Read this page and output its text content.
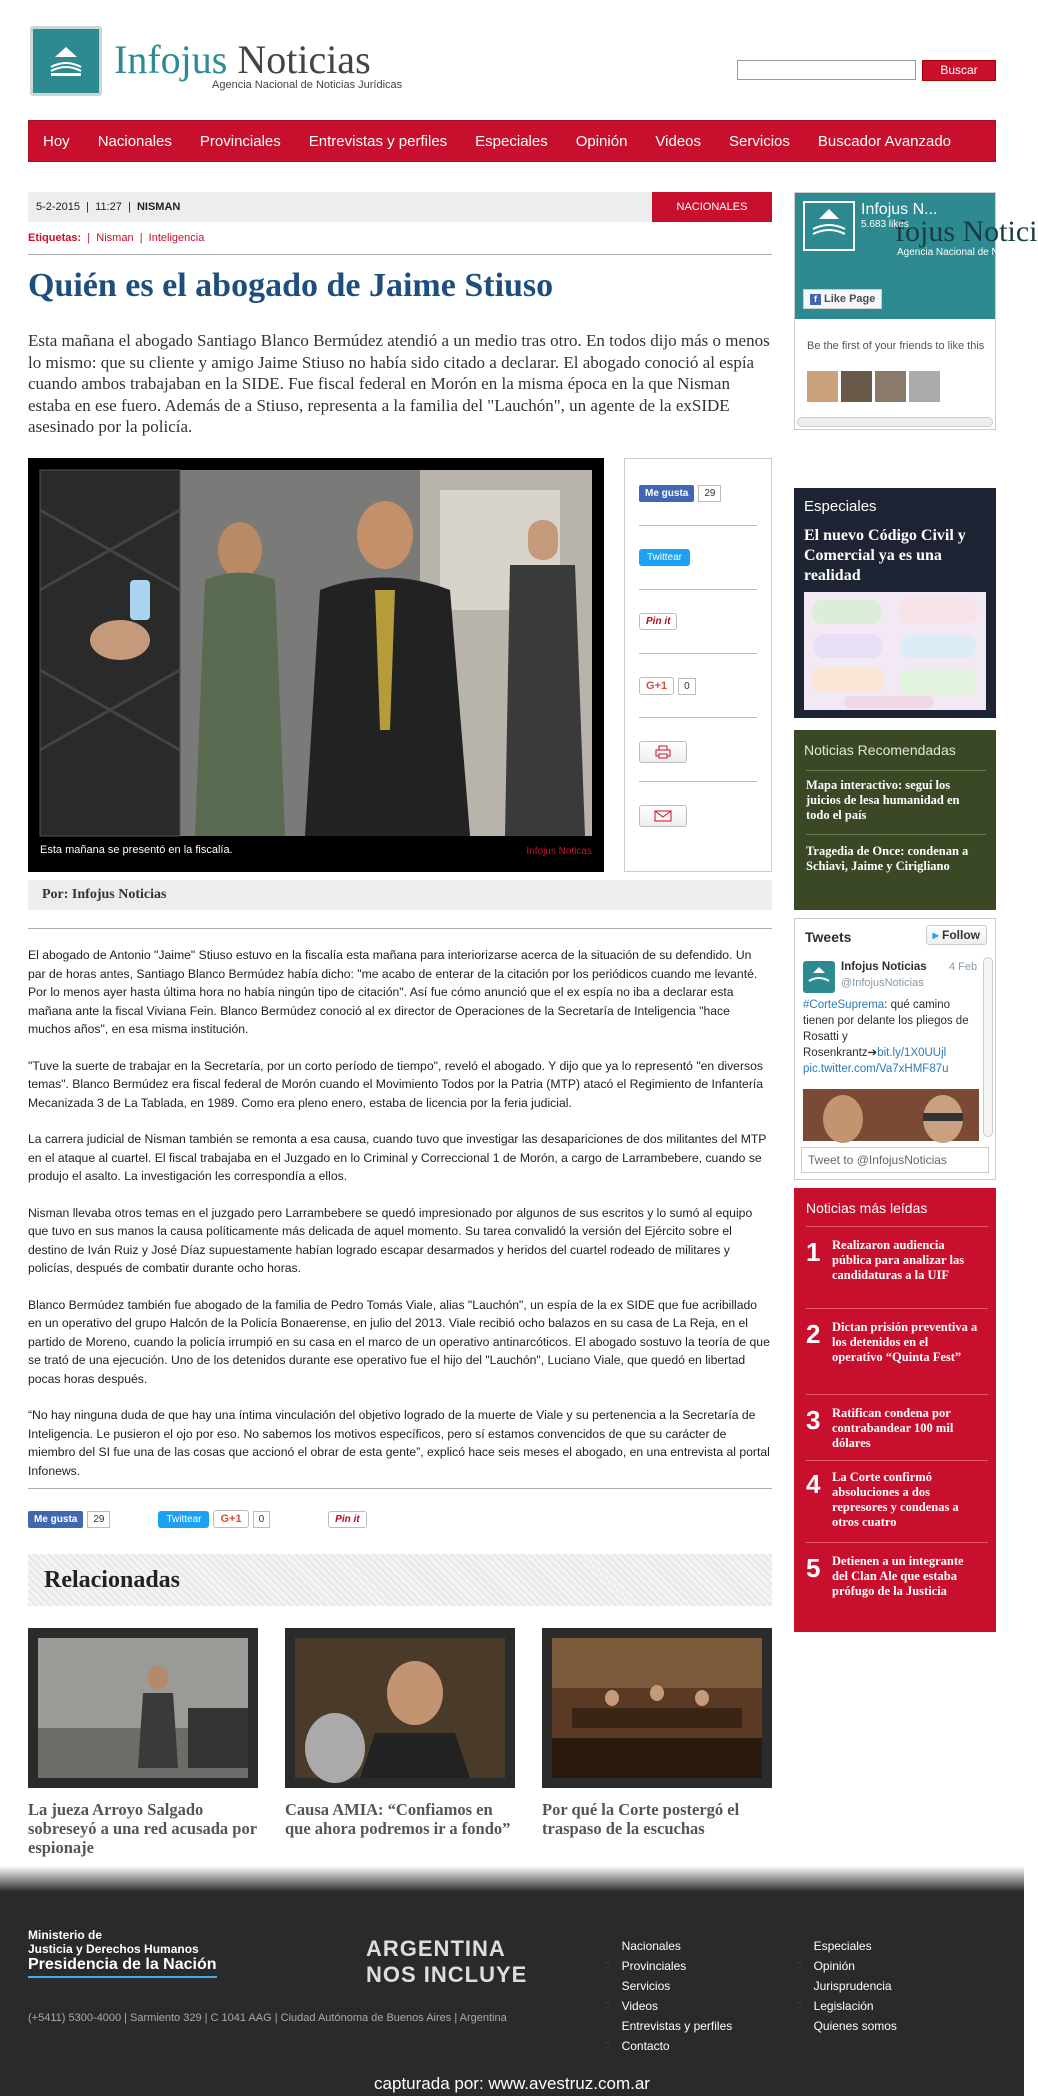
Infojus Noticias
Agencia Nacional de Noticias Jurídicas
Buscar
Hoy	Nacionales	Provinciales	Entrevistas y perfiles	Especiales	Opinión	Videos	Servicios	Buscador Avanzado
5-2-2015  |  11:27  |  NISMAN	NACIONALES
Etiquetas:  |  Nisman  |  Inteligencia
Quién es el abogado de Jaime Stiuso

Esta mañana el abogado Santiago Blanco Bermúdez atendió a un medio tras otro. En todos dijo más o menos lo mismo: que su cliente y amigo Jaime Stiuso no había sido citado a declarar. El abogado conoció al espía cuando ambos trabajaban en la SIDE. Fue fiscal federal en Morón en la misma época en la que Nisman estaba en ese fuero. Además de a Stiuso, representa a la familia del "Lauchón", un agente de la exSIDE asesinado por la policía.

Esta mañana se presentó en la fiscalía.	Infojus Noticas
Me gusta	29
Twittear
Pin it
G+1	0
Por: Infojus Noticias

El abogado de Antonio "Jaime" Stiuso estuvo en la fiscalía esta mañana para interiorizarse acerca de la situación de su defendido. Un par de horas antes, Santiago Blanco Bermúdez había dicho: "me acabo de enterar de la citación por los periódicos cuando me levanté. Por lo menos ayer hasta última hora no había ningún tipo de citación". Así fue cómo anunció que el ex espía no iba a declarar esta mañana ante la fiscal Viviana Fein. Blanco Bermúdez conoció al ex director de Operaciones de la Secretaría de Inteligencia "hace muchos años", en esa misma institución.

"Tuve la suerte de trabajar en la Secretaría, por un corto período de tiempo", reveló el abogado. Y dijo que ya lo representó "en diversos temas". Blanco Bermúdez era fiscal federal de Morón cuando el Movimiento Todos por la Patria (MTP) atacó el Regimiento de Infantería Mecanizada 3 de La Tablada, en 1989. Como era pleno enero, estaba de licencia por la feria judicial.

La carrera judicial de Nisman también se remonta a esa causa, cuando tuvo que investigar las desapariciones de dos militantes del MTP en el ataque al cuartel. El fiscal trabajaba en el Juzgado en lo Criminal y Correccional 1 de Morón, a cargo de Larrambebere, cuando se produjo el asalto. La investigación les correspondía a ellos.

Nisman llevaba otros temas en el juzgado pero Larrambebere se quedó impresionado por algunos de sus escritos y lo sumó al equipo que tuvo en sus manos la causa políticamente más delicada de aquel momento. Su tarea convalidó la versión del Ejército sobre el destino de Iván Ruiz y José Díaz supuestamente habían logrado escapar desarmados y heridos del cuartel rodeado de militares y policías, después de combatir durante ocho horas.

Blanco Bermúdez también fue abogado de la familia de Pedro Tomás Viale, alias "Lauchón", un espía de la ex SIDE que fue acribillado en un operativo del grupo Halcón de la Policía Bonaerense, en julio del 2013. Viale recibió ocho balazos en su casa de La Reja, en el partido de Moreno, cuando la policía irrumpió en su casa en el marco de un operativo antinarcóticos. El abogado sostuvo la teoría de que se trató de una ejecución. Uno de los detenidos durante ese operativo fue el hijo del "Lauchón", Luciano Viale, que quedó en libertad pocas horas después.

“No hay ninguna duda de que hay una íntima vinculación del objetivo logrado de la muerte de Viale y su pertenencia a la Secretaría de Inteligencia. Le pusieron el ojo por eso. No sabemos los motivos específicos, pero sí estamos convencidos de que su carácter de miembro del SI fue una de las cosas que accionó el obrar de esta gente”, explicó hace seis meses el abogado, en una entrevista al portal Infonews.

Me gusta	29	Twittear	G+1	0	Pin it
Relacionadas
La jueza Arroyo Salgado sobreseyó a una red acusada por espionaje
Causa AMIA: “Confiamos en que ahora podremos ir a fondo”
Por qué la Corte postergó el traspaso de la escuchas
fojus Notici
Infojus N...
5.683 likes
Agencia Nacional de Notic
f Like Page
Be the first of your friends to like this
Especiales
El nuevo Código Civil y Comercial ya es una realidad
Noticias Recomendadas
Mapa interactivo: seguí los juicios de lesa humanidad en todo el país
Tragedia de Once: condenan a Schiavi, Jaime y Cirigliano
Tweets	▸ Follow
Infojus Noticias
@InfojusNoticias
4 Feb
#CorteSuprema: qué camino tienen por delante los pliegos de Rosatti y Rosenkrantz➔bit.ly/1X0UUjl
pic.twitter.com/Va7xHMF87u
Tweet to @InfojusNoticias
Noticias más leídas
1 Realizaron audiencia pública para analizar las candidaturas a la UIF
2 Dictan prisión preventiva a los detenidos en el operativo “Quinta Fest”
3 Ratifican condena por contrabandear 100 mil dólares
4 La Corte confirmó absoluciones a dos represores y condenas a otros cuatro
5 Detienen a un integrante del Clan Ale que estaba prófugo de la Justicia
Ministerio de
Justicia y Derechos Humanos
Presidencia de la Nación
ARGENTINA
NOS INCLUYE
(+5411) 5300-4000 | Sarmiento 329 | C 1041 AAG | Ciudad Autónoma de Buenos Aires | Argentina
:: Nacionales
:: Provinciales
:: Servicios
:: Videos
:: Entrevistas y perfiles
:: Contacto
:: Especiales
:: Opinión
:: Jurisprudencia
:: Legislación
:: Quienes somos
capturada por: www.avestruz.com.ar
